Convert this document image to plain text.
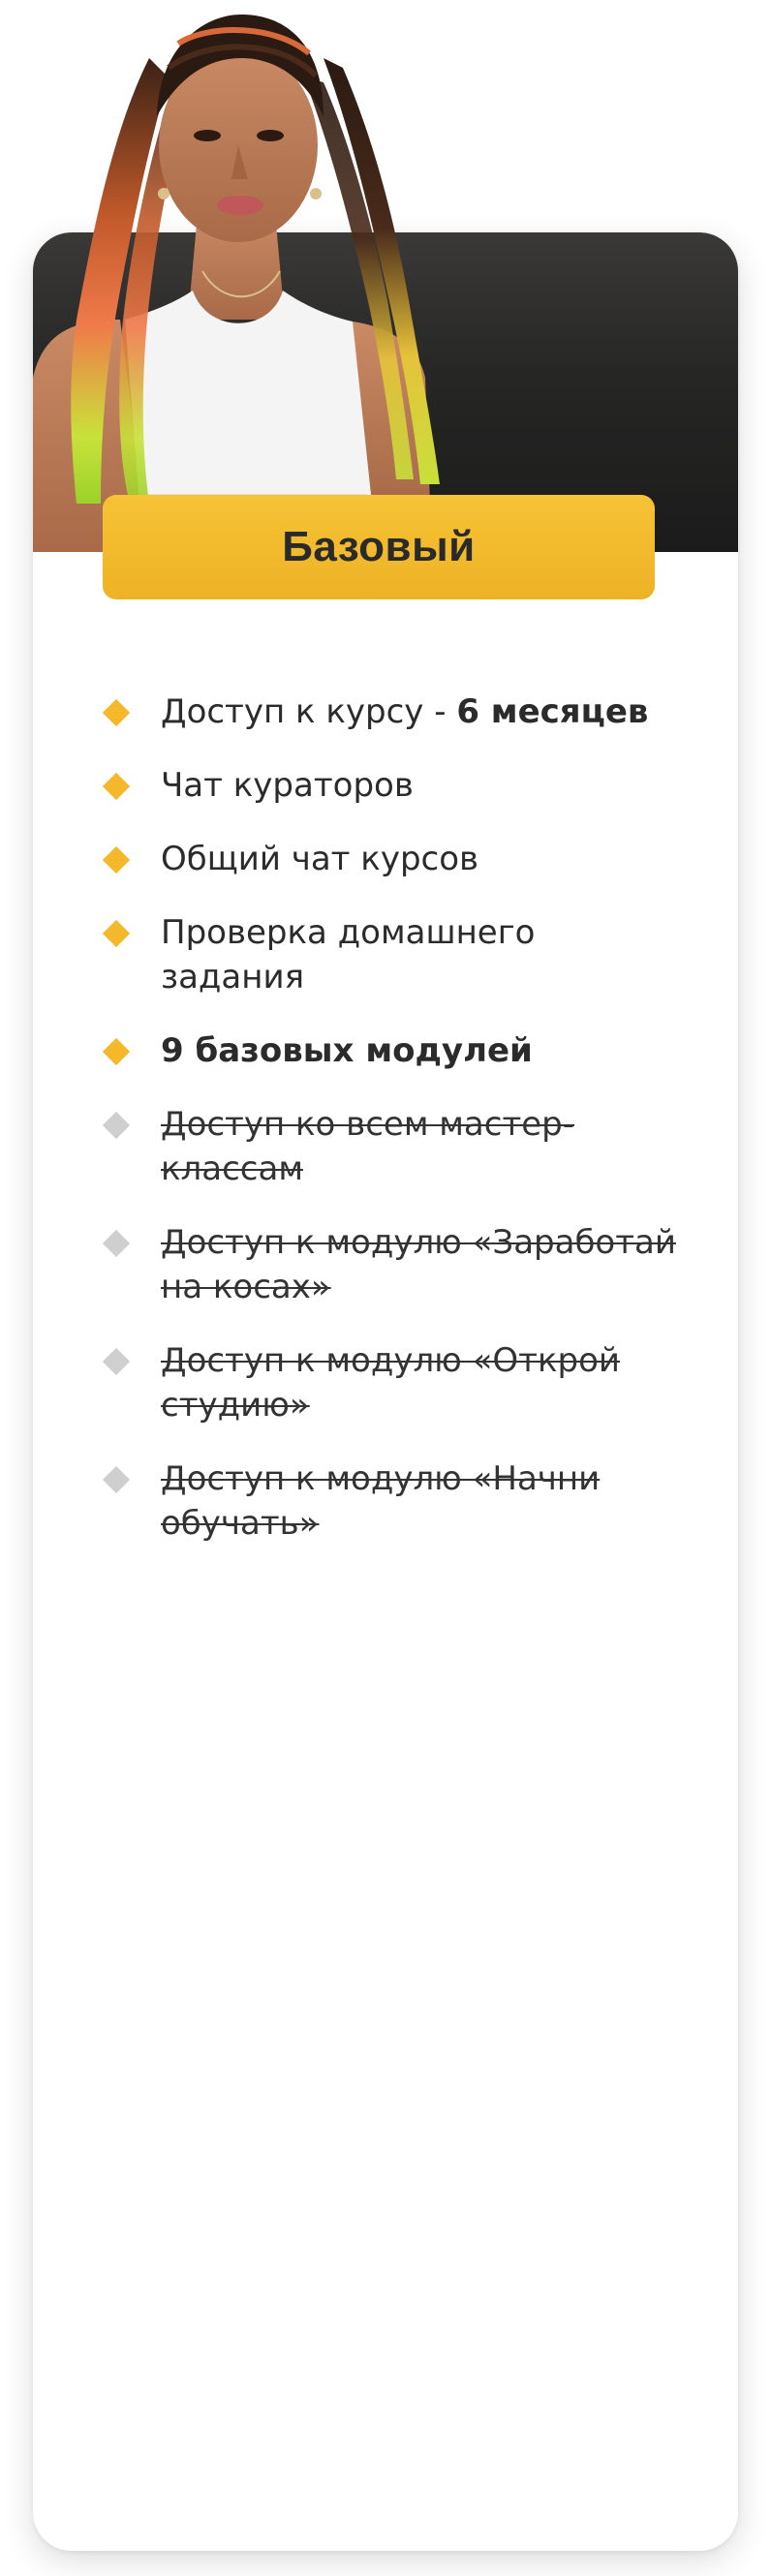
Базовый
Доступ к курсу - 6 месяцев
Чат кураторов
Общий чат курсов
Проверка домашнего задания
9 базовых модулей
Доступ ко всем мастер-классам
Доступ к модулю «Заработай на косах»
Доступ к модулю «Открой студию»
Доступ к модулю «Начни обучать»
